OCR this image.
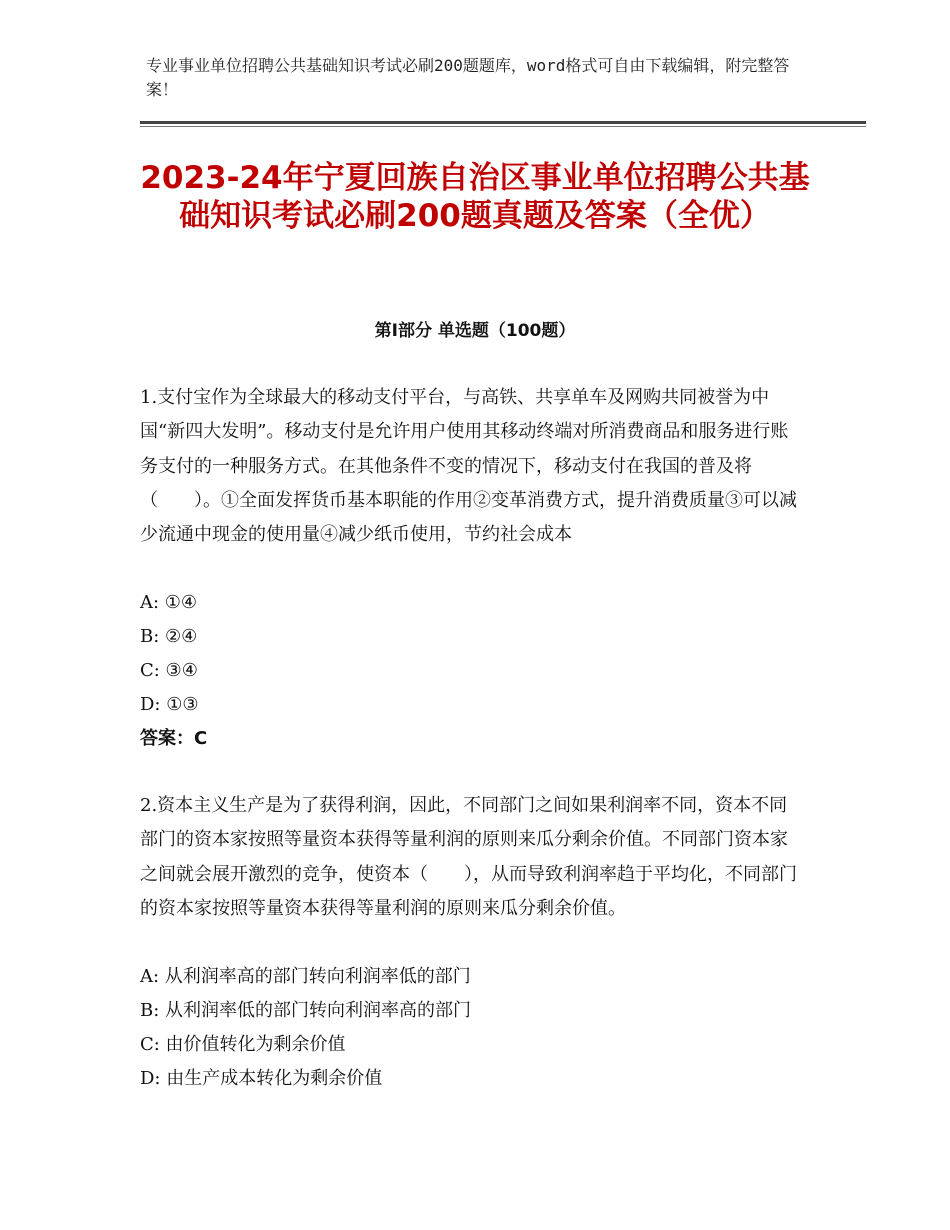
专业事业单位招聘公共基础知识考试必刷200题题库，word格式可自由下载编辑，附完整答案！
2023-24年宁夏回族自治区事业单位招聘公共基础知识考试必刷200题真题及答案（全优）
第Ⅰ部分 单选题（100题）
1.支付宝作为全球最大的移动支付平台，与高铁、共享单车及网购共同被誉为中国“新四大发明”。移动支付是允许用户使用其移动终端对所消费商品和服务进行账务支付的一种服务方式。在其他条件不变的情况下，移动支付在我国的普及将（　　）。①全面发挥货币基本职能的作用②变革消费方式，提升消费质量③可以减少流通中现金的使用量④减少纸币使用，节约社会成本
A: ①④
B: ②④
C: ③④
D: ①③
答案：C
2.资本主义生产是为了获得利润，因此，不同部门之间如果利润率不同，资本不同部门的资本家按照等量资本获得等量利润的原则来瓜分剩余价值。不同部门资本家之间就会展开激烈的竞争，使资本（　　），从而导致利润率趋于平均化，不同部门的资本家按照等量资本获得等量利润的原则来瓜分剩余价值。
A: 从利润率高的部门转向利润率低的部门
B: 从利润率低的部门转向利润率高的部门
C: 由价值转化为剩余价值
D: 由生产成本转化为剩余价值
